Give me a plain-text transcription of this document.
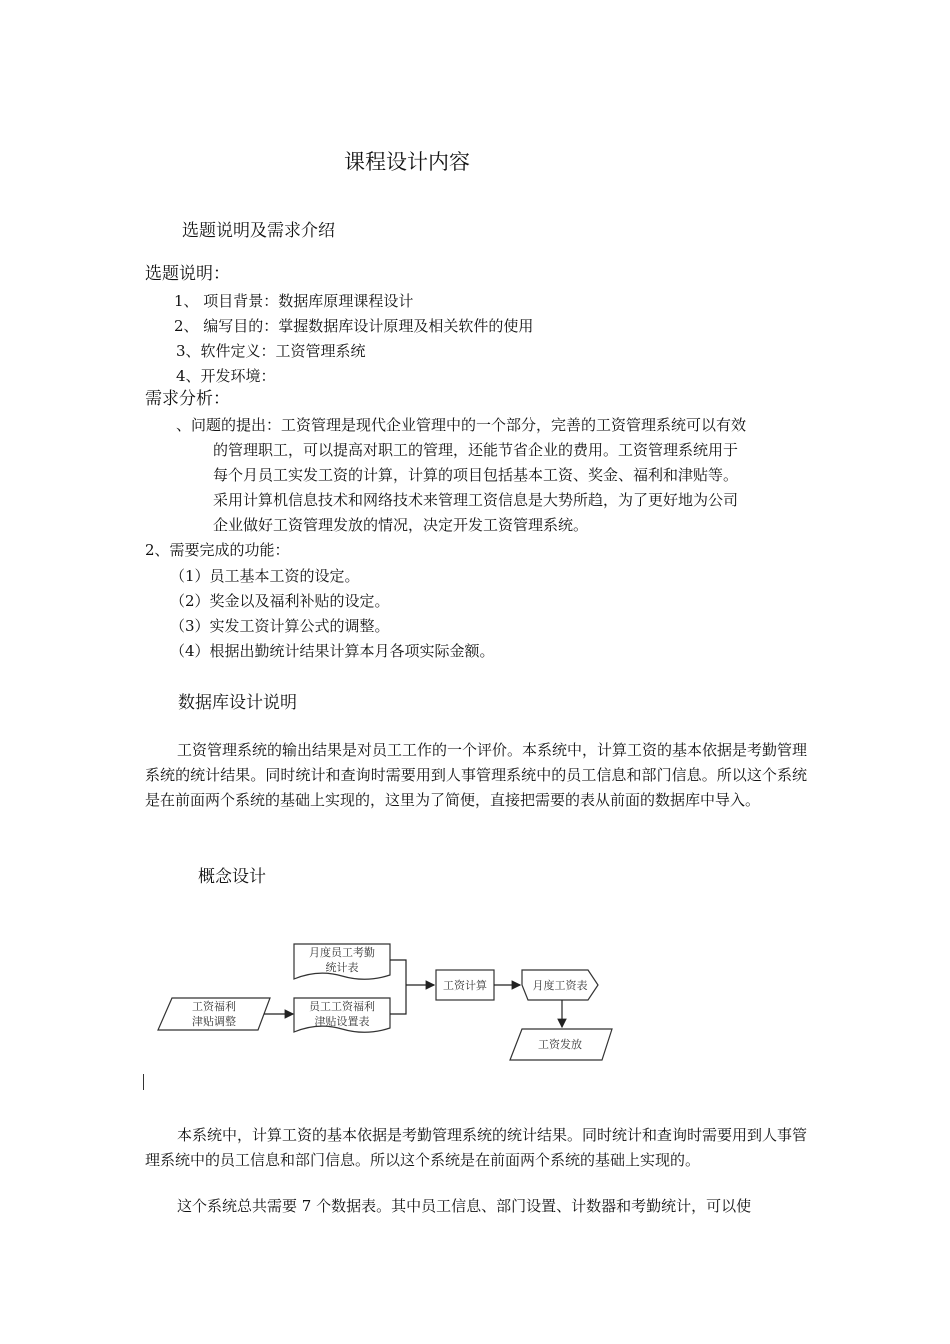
课程设计内容
选题说明及需求介绍
选题说明：
1、 项目背景：数据库原理课程设计
2、 编写目的：掌握数据库设计原理及相关软件的使用
3、软件定义：工资管理系统
4、开发环境：
需求分析：
、问题的提出：工资管理是现代企业管理中的一个部分，完善的工资管理系统可以有效
的管理职工，可以提高对职工的管理，还能节省企业的费用。工资管理系统用于
每个月员工实发工资的计算，计算的项目包括基本工资、奖金、福利和津贴等。
采用计算机信息技术和网络技术来管理工资信息是大势所趋，为了更好地为公司
企业做好工资管理发放的情况，决定开发工资管理系统。
2、需要完成的功能：
（1）员工基本工资的设定。
（2）奖金以及福利补贴的设定。
（3）实发工资计算公式的调整。
（4）根据出勤统计结果计算本月各项实际金额。
数据库设计说明
工资管理系统的输出结果是对员工工作的一个评价。本系统中，计算工资的基本依据是考勤管理系统的统计结果。同时统计和查询时需要用到人事管理系统中的员工信息和部门信息。所以这个系统是在前面两个系统的基础上实现的，这里为了简便，直接把需要的表从前面的数据库中导入。
概念设计
月度员工考勤
统计表
员工工资福利
津贴设置表
工资福利
津贴调整
工资计算	月度工资表
工资发放
本系统中，计算工资的基本依据是考勤管理系统的统计结果。同时统计和查询时需要用到人事管理系统中的员工信息和部门信息。所以这个系统是在前面两个系统的基础上实现的。
这个系统总共需要 7 个数据表。其中员工信息、部门设置、计数器和考勤统计，可以使
